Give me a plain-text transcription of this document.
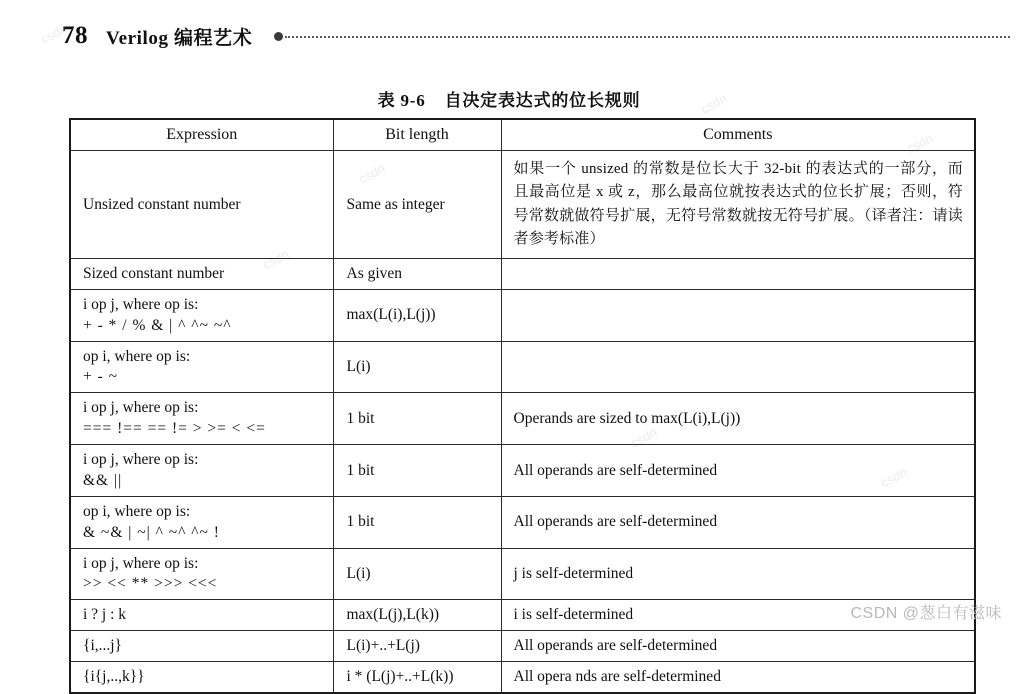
78 Verilog 编程艺术
表 9-6 自决定表达式的位长规则
Expression	Bit length	Comments

Unsized constant number	Same as integer	如果一个 unsized 的常数是位长大于 32-bit 的表达式的一部分，而且最高位是 x 或 z，那么最高位就按表达式的位长扩展；否则，符号常数就做符号扩展，无符号常数就按无符号扩展。（译者注：请读者参考标准）

Sized constant number	As given	

i op j, where op is:
+ - * / % & | ^ ^~ ~^	max(L(i),L(j))	

op i, where op is:
+ - ~	L(i)	

i op j, where op is:
=== !== == != > >= < <=	1 bit	Operands are sized to max(L(i),L(j))

i op j, where op is:
&& ||	1 bit	All operands are self-determined

op i, where op is:
& ~& | ~| ^ ~^ ^~ !	1 bit	All operands are self-determined

i op j, where op is:
>> << ** >>> <<<	L(i)	j is self-determined

i ? j : k	max(L(j),L(k))	i is self-determined

{i,...j}	L(i)+..+L(j)	All operands are self-determined

{i{j,..,k}}	i * (L(j)+..+L(k))	All opera nds are self-determined
csdn
csdn
CSDN @葱白有滋味
